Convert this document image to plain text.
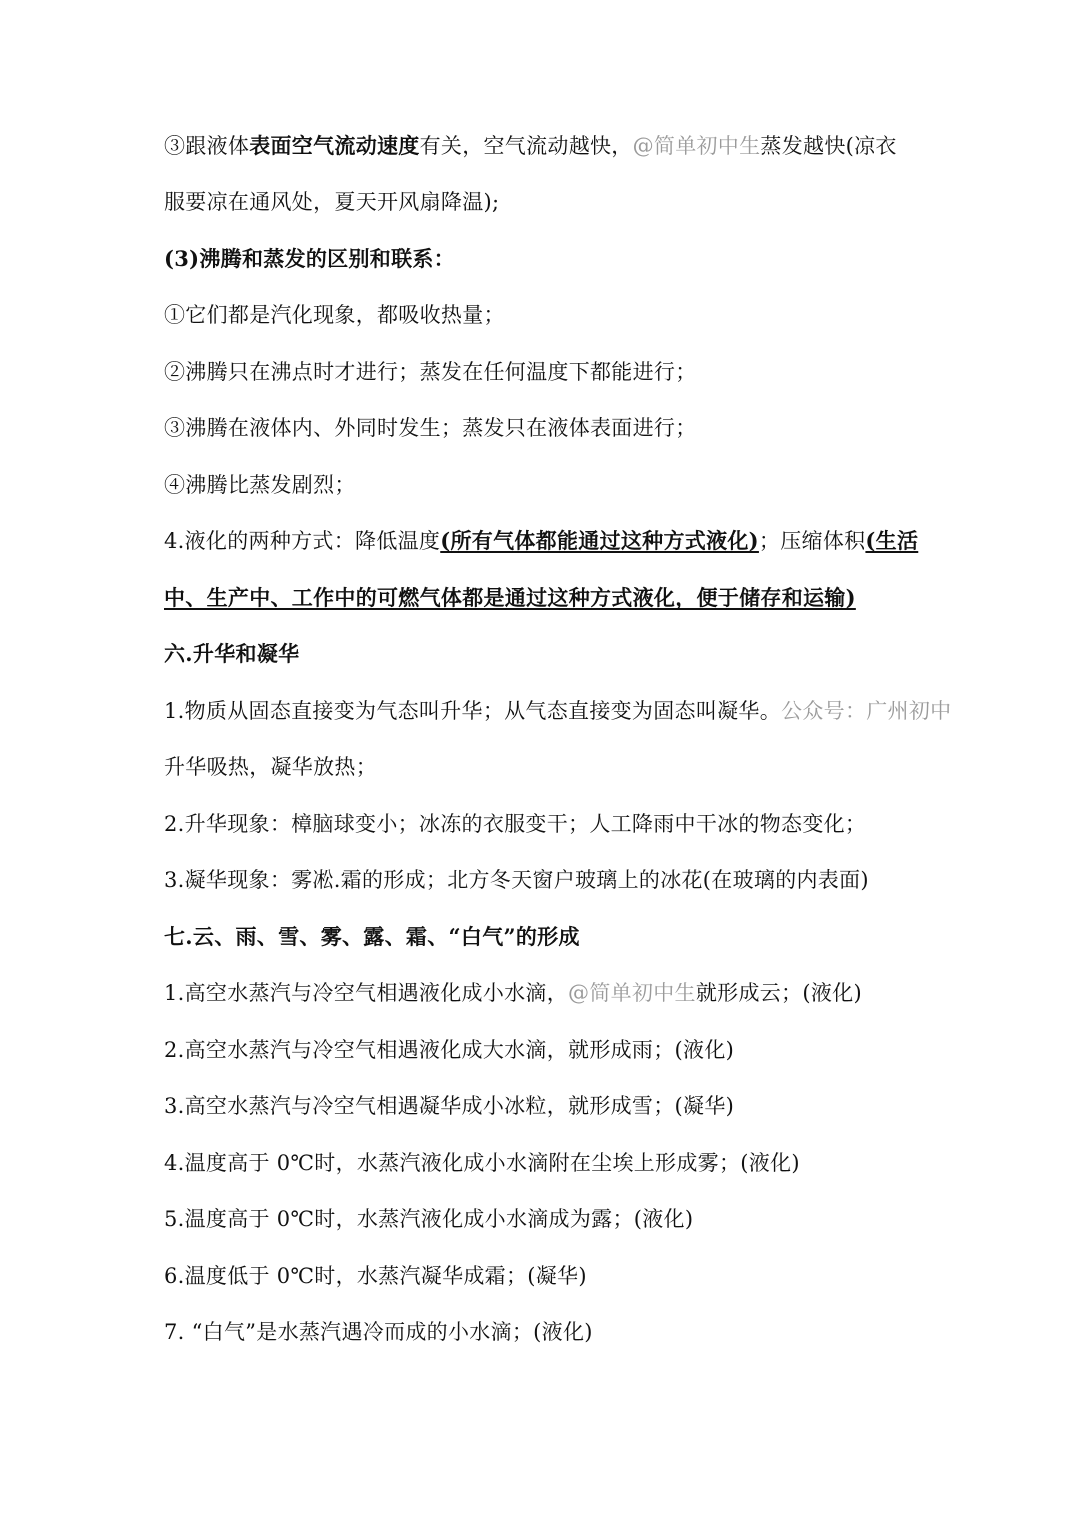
③跟液体表面空气流动速度有关，空气流动越快，@简单初中生蒸发越快(凉衣
服要凉在通风处，夏天开风扇降温);
(3)沸腾和蒸发的区别和联系：
①它们都是汽化现象，都吸收热量；
②沸腾只在沸点时才进行；蒸发在任何温度下都能进行；
③沸腾在液体内、外同时发生；蒸发只在液体表面进行；
④沸腾比蒸发剧烈；
4.液化的两种方式：降低温度(所有气体都能通过这种方式液化)；压缩体积(生活
中、生产中、工作中的可燃气体都是通过这种方式液化，便于储存和运输)
六.升华和凝华
1.物质从固态直接变为气态叫升华；从气态直接变为固态叫凝华。公众号：广州初中
升华吸热，凝华放热；
2.升华现象：樟脑球变小；冰冻的衣服变干；人工降雨中干冰的物态变化；
3.凝华现象：雾凇.霜的形成；北方冬天窗户玻璃上的冰花(在玻璃的内表面)
七.云、雨、雪、雾、露、霜、“白气”的形成
1.高空水蒸汽与冷空气相遇液化成小水滴，@简单初中生就形成云；(液化)
2.高空水蒸汽与冷空气相遇液化成大水滴，就形成雨；(液化)
3.高空水蒸汽与冷空气相遇凝华成小冰粒，就形成雪；(凝华)
4.温度高于 0℃时，水蒸汽液化成小水滴附在尘埃上形成雾；(液化)
5.温度高于 0℃时，水蒸汽液化成小水滴成为露；(液化)
6.温度低于 0℃时，水蒸汽凝华成霜；(凝华)
7. “白气”是水蒸汽遇冷而成的小水滴；(液化)
